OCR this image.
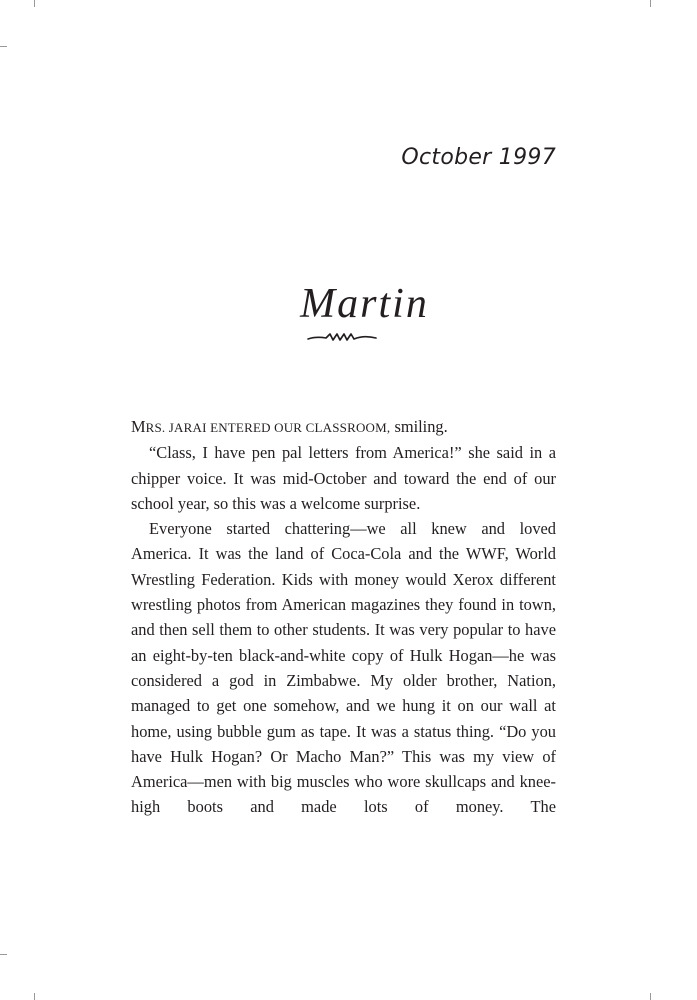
October 1997
Martin

MRS. JARAI ENTERED OUR CLASSROOM, smiling.

“Class, I have pen pal letters from America!” she said in a chipper voice. It was mid-October and toward the end of our school year, so this was a welcome surprise.

Everyone started chattering—we all knew and loved America. It was the land of Coca-Cola and the WWF, World Wrestling Federation. Kids with money would Xerox different wrestling photos from American magazines they found in town, and then sell them to other students. It was very popular to have an eight-by-ten black-and-white copy of Hulk Hogan—he was considered a god in Zimbabwe. My older brother, Nation, managed to get one somehow, and we hung it on our wall at home, using bubble gum as tape. It was a status thing. “Do you have Hulk Hogan? Or Macho Man?” This was my view of America—men with big muscles who wore skullcaps and knee-high boots and made lots of money. The
